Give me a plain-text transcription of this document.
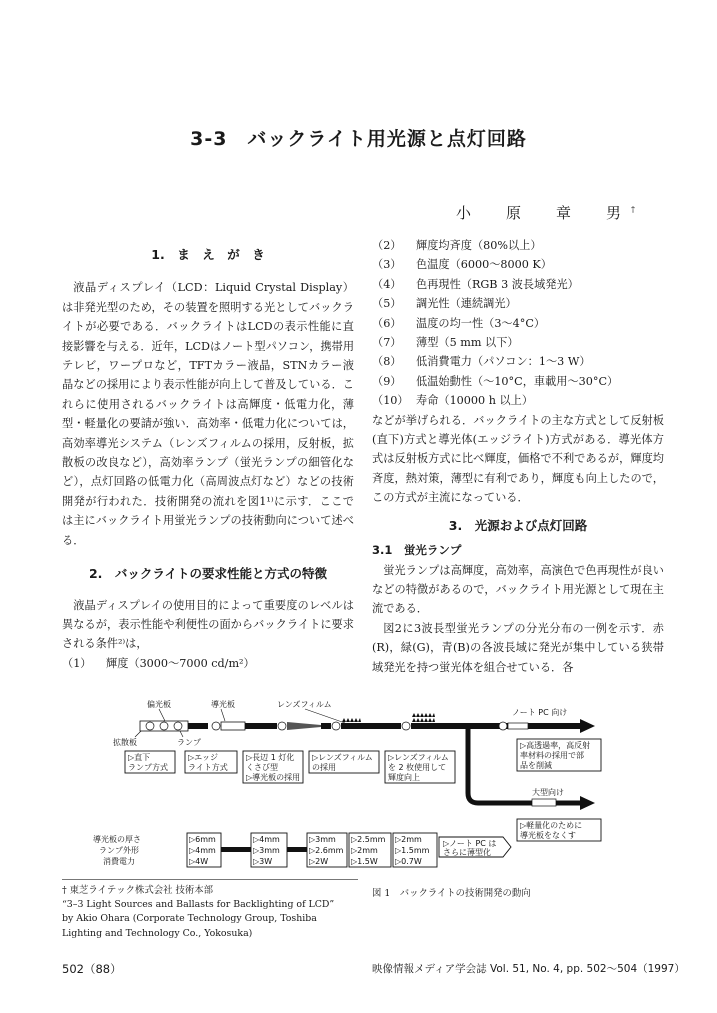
3-3　バックライト用光源と点灯回路
小　原　章　男†
1.　ま　え　が　き

液晶ディスプレイ（LCD：Liquid Crystal Display）は非発光型のため，その装置を照明する光としてバックライトが必要である．バックライトはLCDの表示性能に直接影響を与える．近年，LCDはノート型パソコン，携帯用テレビ，ワープロなど，TFTカラー液晶，STNカラー液晶などの採用により表示性能が向上して普及している．これらに使用されるバックライトは高輝度・低電力化，薄型・軽量化の要請が強い．高効率・低電力化については，高効率導光システム（レンズフィルムの採用，反射板，拡散板の改良など），高効率ランプ（蛍光ランプの細管化など），点灯回路の低電力化（高周波点灯など）などの技術開発が行われた．技術開発の流れを図1¹⁾に示す．ここでは主にバックライト用蛍光ランプの技術動向について述べる．

2.　バックライトの要求性能と方式の特徴

液晶ディスプレイの使用目的によって重要度のレベルは異なるが，表示性能や利便性の面からバックライトに要求される条件²⁾は，

（1）	輝度（3000〜7000 cd/m²）
（2）	輝度均斉度（80%以上）
（3）	色温度（6000〜8000 K）
（4）	色再現性（RGB 3 波長域発光）
（5）	調光性（連続調光）
（6）	温度の均一性（3〜4°C）
（7）	薄型（5 mm 以下）
（8）	低消費電力（パソコン：1〜3 W）
（9）	低温始動性（〜10°C，車載用〜30°C）
（10） 寿命（10000 h 以上）

などが挙げられる．バックライトの主な方式として反射板(直下)方式と導光体(エッジライト)方式がある．導光体方式は反射板方式に比べ輝度，価格で不利であるが，輝度均斉度，熱対策，薄型に有利であり，輝度も向上したので，この方式が主流になっている．

3.　光源および点灯回路
3.1　蛍光ランプ

蛍光ランプは高輝度，高効率，高演色で色再現性が良いなどの特徴があるので，バックライト用光源として現在主流である．

図2に3波長型蛍光ランプの分光分布の一例を示す．赤(R)，緑(G)，青(B)の各波長域に発光が集中している狭帯域発光を持つ蛍光体を組合せている．各

偏光板	導光板	レンズフィルム
拡散板	ランプ
ノート PC 向け
大型向け
▷直下
ランプ方式
▷エッジ
ライト方式
▷長辺 1 灯化
くさび型
▷導光板の採用
▷レンズフィルム
の採用
▷レンズフィルム
を 2 枚使用して
輝度向上
▷高透過率，高反射
率材料の採用で部
品を削減
▷軽量化のために
導光板をなくす
導光板の厚さ
ランプ外形
消費電力
▷6mm
▷4mm
▷4W
▷4mm
▷3mm
▷3W
▷3mm
▷2.6mm
▷2W
▷2.5mm
▷2mm
▷1.5W
▷2mm
▷1.5mm
▷0.7W
▷ノート PC は
さらに薄型化
† 東芝ライテック株式会社 技術本部
“3–3 Light Sources and Ballasts for Backlighting of LCD”
by Akio Ohara (Corporate Technology Group, Toshiba
Lighting and Technology Co., Yokosuka)
図 1　バックライトの技術開発の動向
502（88）	映像情報メディア学会誌 Vol. 51, No. 4, pp. 502〜504（1997）
